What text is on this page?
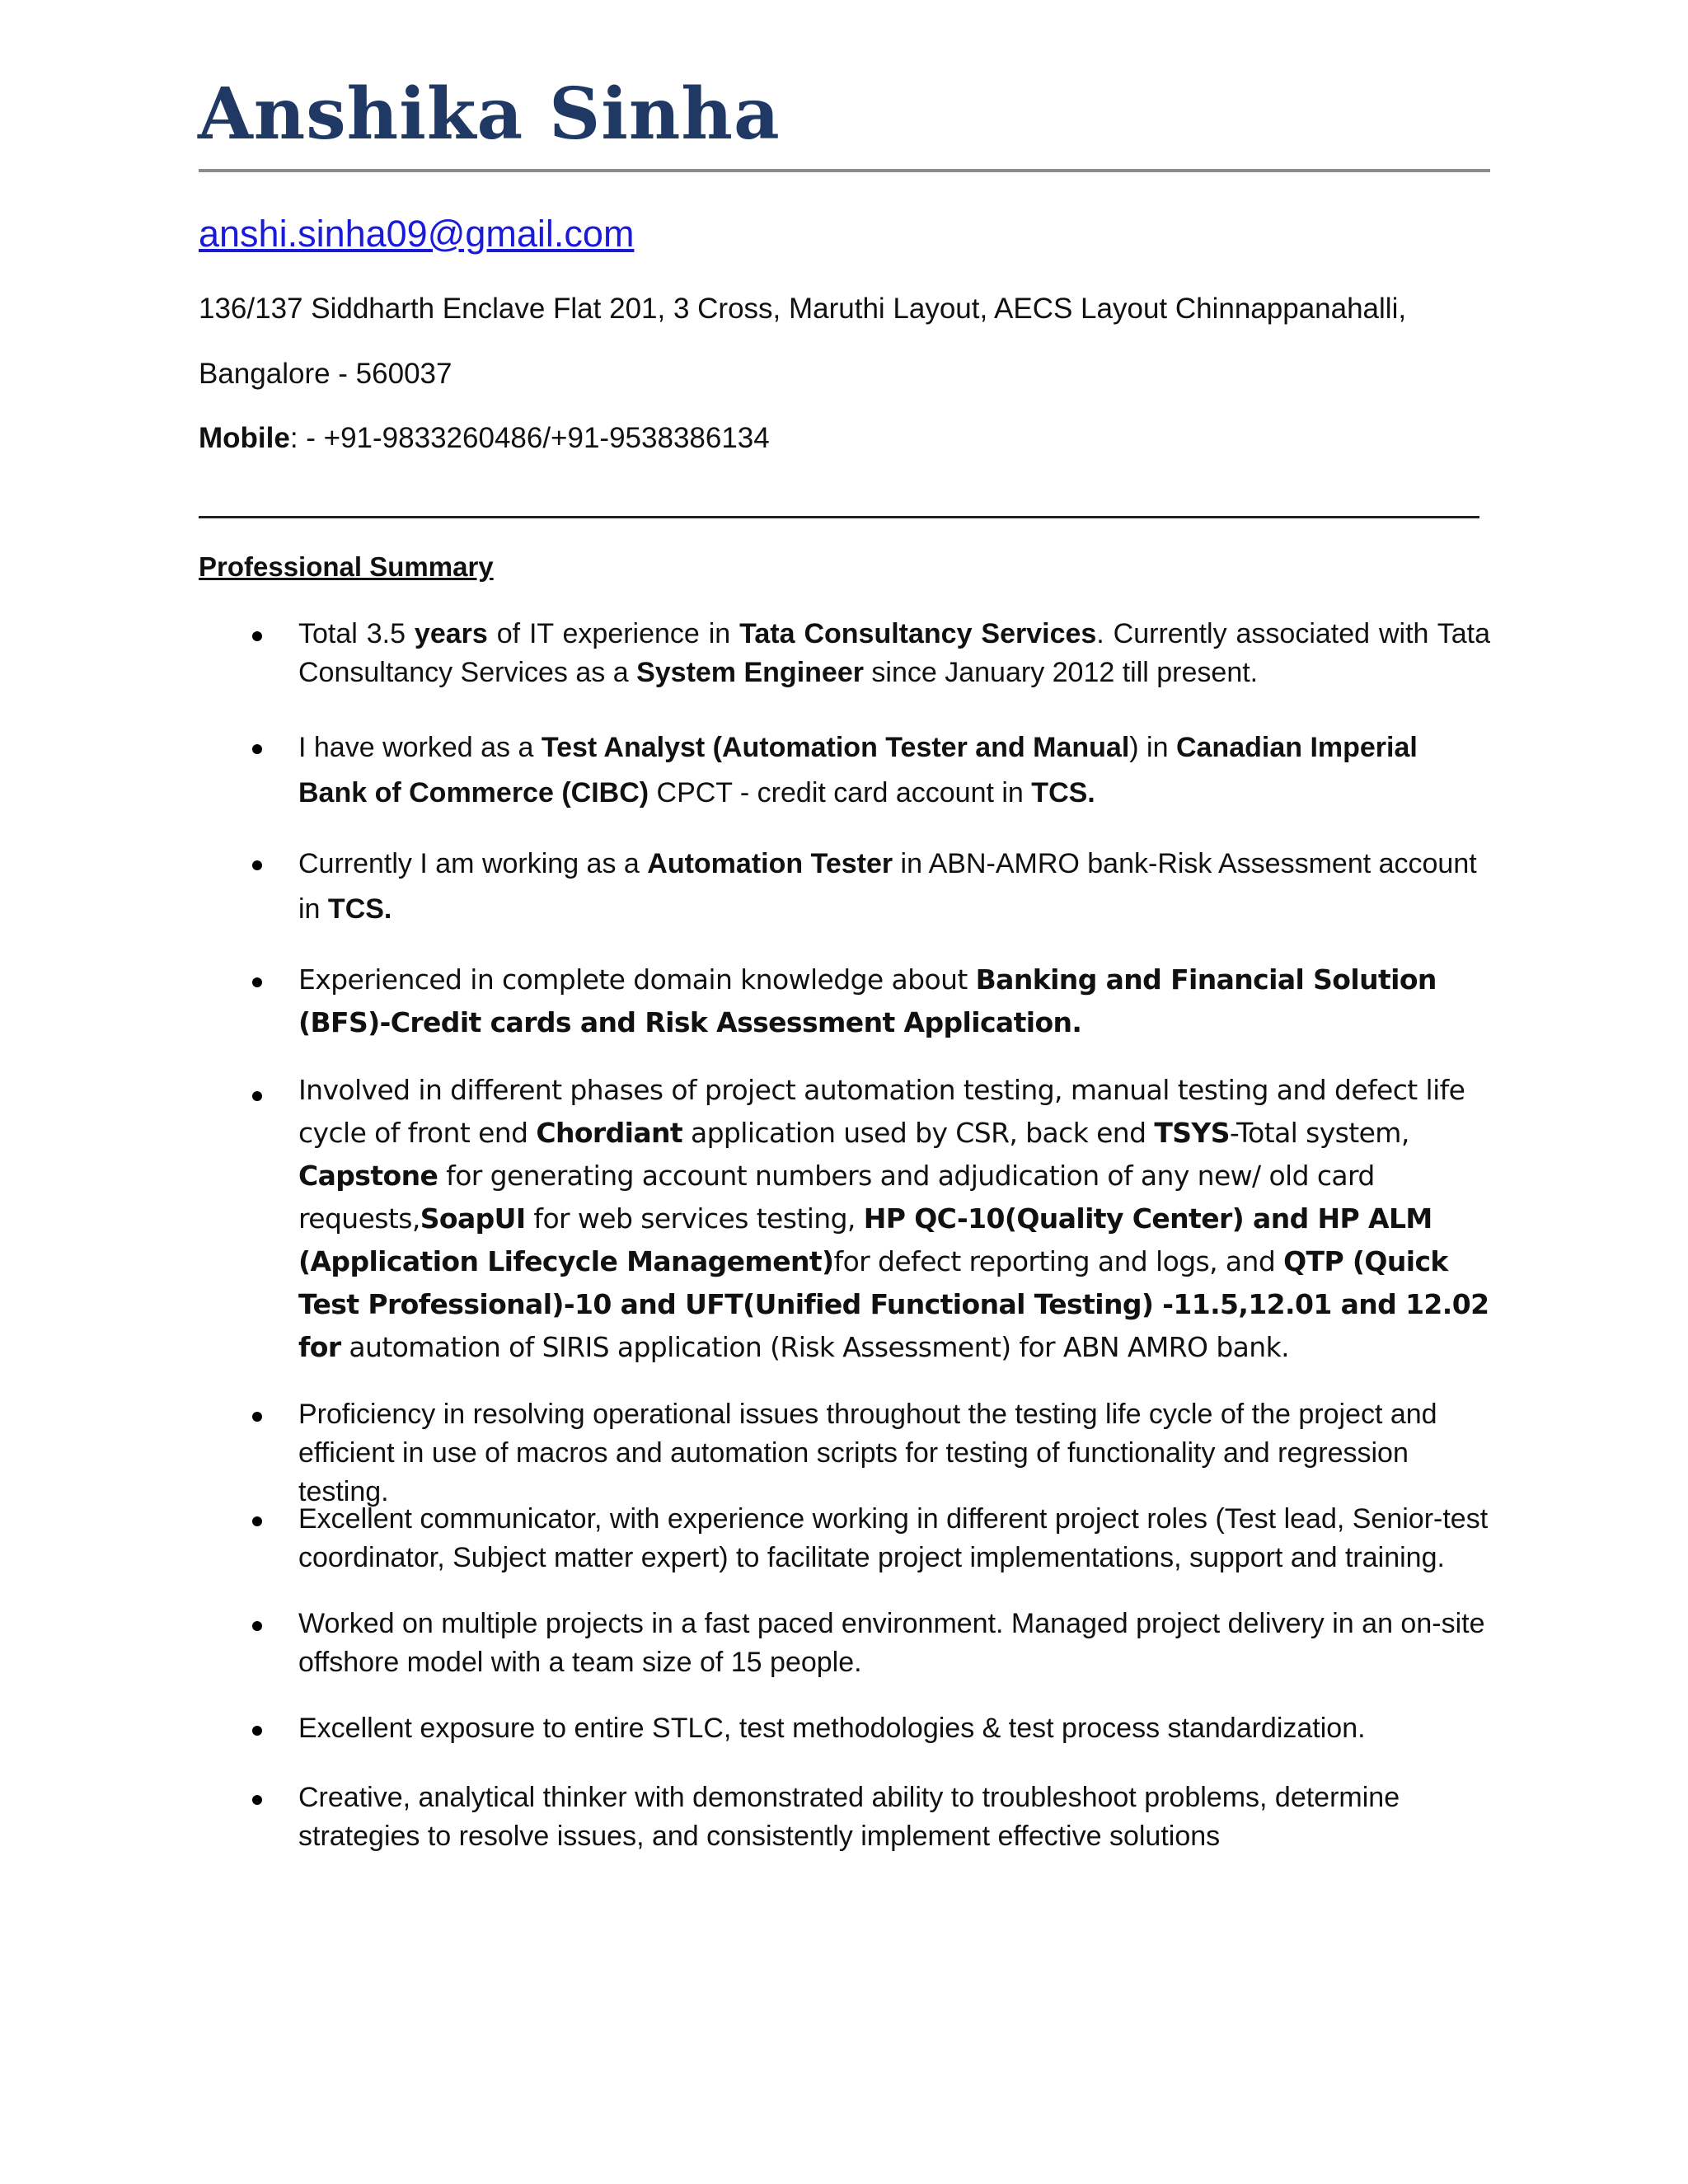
Anshika Sinha
anshi.sinha09@gmail.com
136/137 Siddharth Enclave Flat 201, 3 Cross, Maruthi Layout, AECS Layout Chinnappanahalli,
Bangalore - 560037
Mobile: - +91-9833260486/+91-9538386134
Professional Summary
Total 3.5 years of IT experience in Tata Consultancy Services. Currently associated with Tata Consultancy Services as a System Engineer since January 2012 till present.
I have worked as a Test Analyst (Automation Tester and Manual) in Canadian Imperial Bank of Commerce (CIBC) CPCT - credit card account in TCS.
Currently I am working as a Automation Tester in ABN-AMRO bank-Risk Assessment account in TCS.
Experienced in complete domain knowledge about Banking and Financial Solution (BFS)-Credit cards and Risk Assessment Application.
Involved in different phases of project automation testing, manual testing and defect life cycle of front end Chordiant application used by CSR, back end TSYS-Total system, Capstone for generating account numbers and adjudication of any new/ old card requests,SoapUI for web services testing, HP QC-10(Quality Center) and HP ALM (Application Lifecycle Management)for defect reporting and logs, and QTP (Quick Test Professional)-10 and UFT(Unified Functional Testing) -11.5,12.01 and 12.02 for automation of SIRIS application (Risk Assessment) for ABN AMRO bank.
Proficiency in resolving operational issues throughout the testing life cycle of the project and efficient in use of macros and automation scripts for testing of functionality and regression testing.
Excellent communicator, with experience working in different project roles (Test lead, Senior-test coordinator, Subject matter expert) to facilitate project implementations, support and training.
Worked on multiple projects in a fast paced environment. Managed project delivery in an on-site offshore model with a team size of 15 people.
Excellent exposure to entire STLC, test methodologies & test process standardization.
Creative, analytical thinker with demonstrated ability to troubleshoot problems, determine strategies to resolve issues, and consistently implement effective solutions
